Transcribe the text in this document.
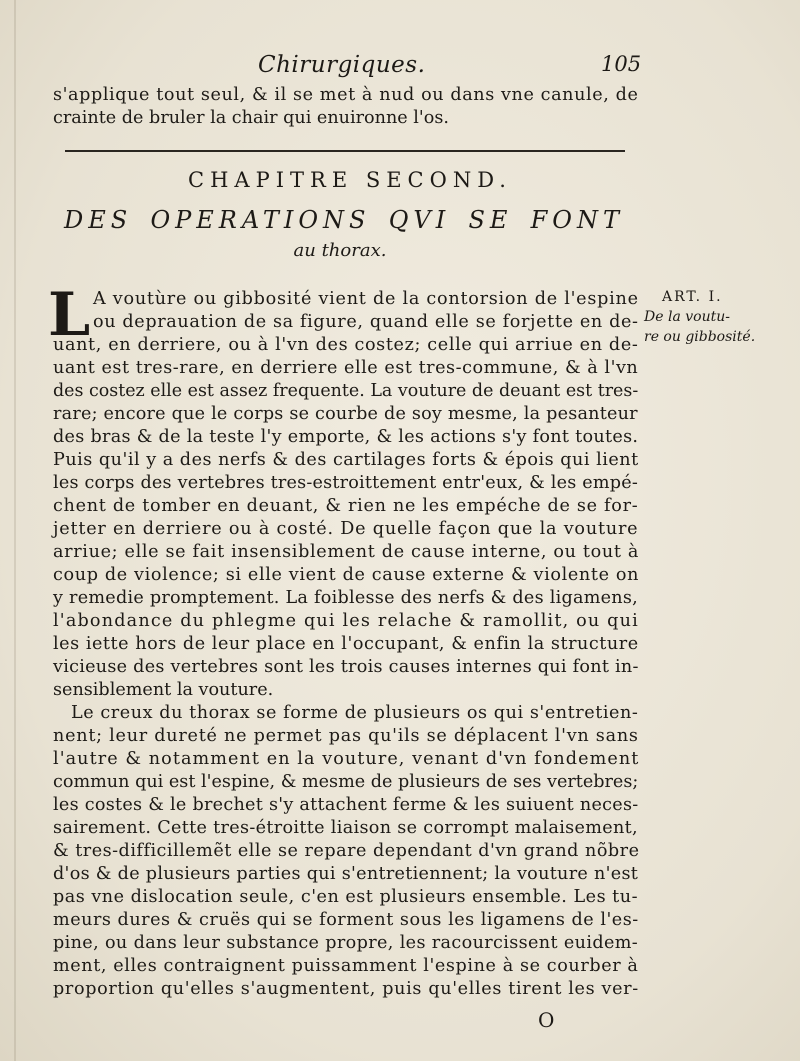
Chirurgiques.	105
s'applique tout seul, & il se met à nud ou dans vne canule, de
crainte de bruler la chair qui enuironne l'os.
CHAPITRE SECOND.
DES OPERATIONS QVI SE FONT
au thorax.
L A voutùre ou gibbosité vient de la contorsion de l'espine
ou deprauation de sa figure, quand elle se forjette en de-
uant, en derriere, ou à l'vn des costez; celle qui arriue en de-
uant est tres-rare, en derriere elle est tres-commune, & à l'vn
des costez elle est assez frequente. La vouture de deuant est tres-
rare; encore que le corps se courbe de soy mesme, la pesanteur
des bras & de la teste l'y emporte, & les actions s'y font toutes.
Puis qu'il y a des nerfs & des cartilages forts & épois qui lient
les corps des vertebres tres-estroittement entr'eux, & les empé-
chent de tomber en deuant, & rien ne les empéche de se for-
jetter en derriere ou à costé. De quelle façon que la vouture
arriue; elle se fait insensiblement de cause interne, ou tout à
coup de violence; si elle vient de cause externe & violente on
y remedie promptement. La foiblesse des nerfs & des ligamens,
l'abondance du phlegme qui les relache & ramollit, ou qui
les iette hors de leur place en l'occupant, & enfin la structure
vicieuse des vertebres sont les trois causes internes qui font in-
sensiblement la vouture.
Le creux du thorax se forme de plusieurs os qui s'entretien-
nent; leur dureté ne permet pas qu'ils se déplacent l'vn sans
l'autre & notamment en la vouture, venant d'vn fondement
commun qui est l'espine, & mesme de plusieurs de ses vertebres;
les costes & le brechet s'y attachent ferme & les suiuent neces-
sairement. Cette tres-étroitte liaison se corrompt malaisement,
& tres-difficillemẽt elle se repare dependant d'vn grand nõbre
d'os & de plusieurs parties qui s'entretiennent; la vouture n'est
pas vne dislocation seule, c'en est plusieurs ensemble. Les tu-
meurs dures & cruës qui se forment sous les ligamens de l'es-
pine, ou dans leur substance propre, les racourcissent euidem-
ment, elles contraignent puissamment l'espine à se courber à
proportion qu'elles s'augmentent, puis qu'elles tirent les ver-
ART. I.
De la voutu-
re ou gibbosité.
O
